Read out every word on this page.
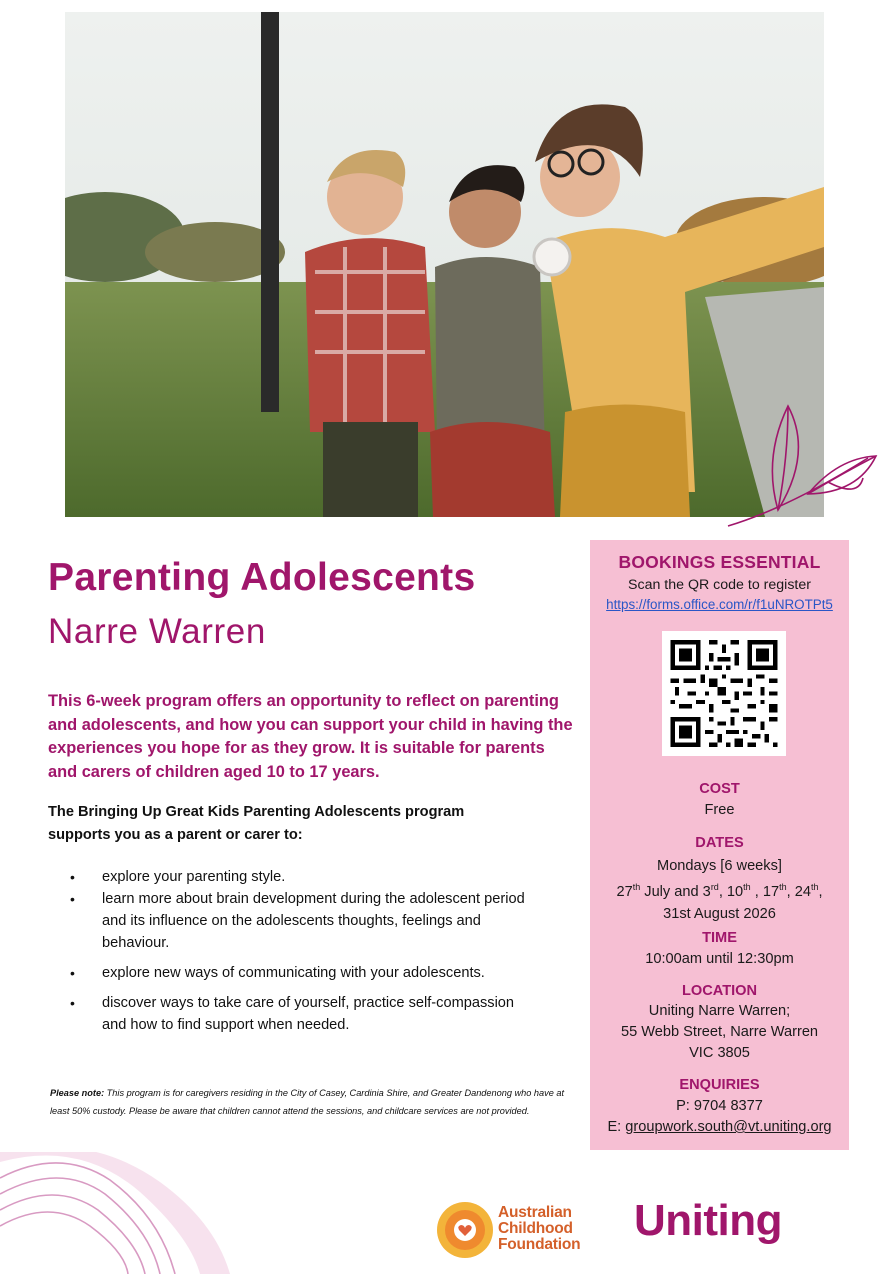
Parenting Adolescents
Narre Warren

This 6-week program offers an opportunity to reflect on parenting and adolescents, and how you can support your child in having the experiences you hope for as they grow. It is suitable for parents and carers of children aged 10 to 17 years.

The Bringing Up Great Kids Parenting Adolescents program supports you as a parent or carer to:

• explore your parenting style.
• learn more about brain development during the adolescent period and its influence on the adolescents thoughts, feelings and behaviour.
• explore new ways of communicating with your adolescents.
• discover ways to take care of yourself, practice self-compassion and how to find support when needed.

Please note: This program is for caregivers residing in the City of Casey, Cardinia Shire, and Greater Dandenong who have at least 50% custody. Please be aware that children cannot attend the sessions, and childcare services are not provided.

BOOKINGS ESSENTIAL
Scan the QR code to register
https://forms.office.com/r/f1uNROTPt5
COST
Free
DATES
Mondays [6 weeks]
27th July and 3rd, 10th , 17th, 24th,
31st August 2026
TIME
10:00am until 12:30pm
LOCATION
Uniting Narre Warren;
55 Webb Street, Narre Warren
VIC 3805
ENQUIRIES
P: 9704 8377
E: groupwork.south@vt.uniting.org

Australian
Childhood
Foundation Uniting
